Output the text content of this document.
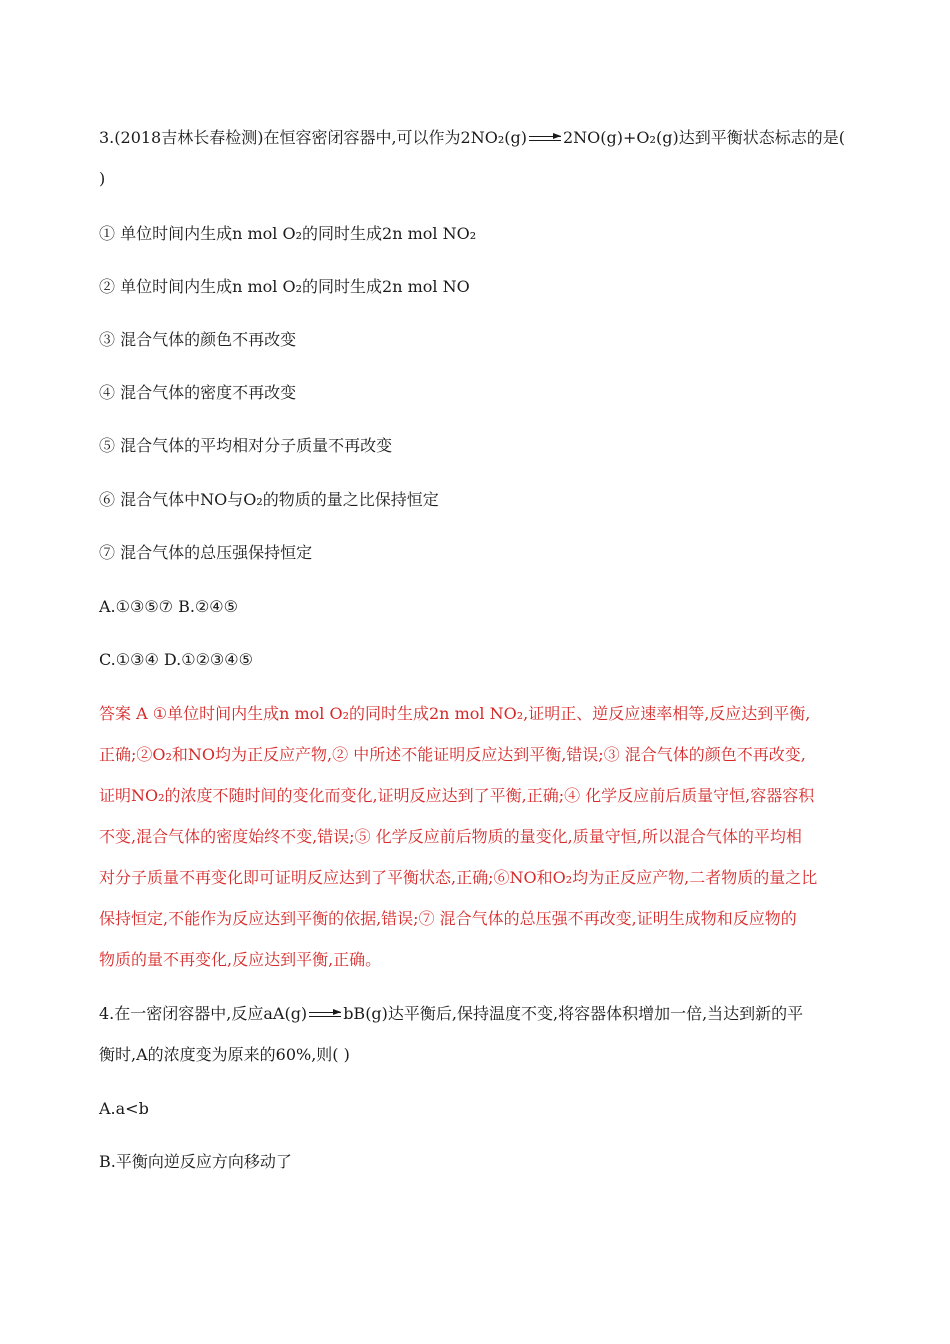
3.(2018吉林长春检测)在恒容密闭容器中,可以作为2NO₂(g) 2NO(g)+O₂(g)达到平衡状态标志的是(
)
① 单位时间内生成n mol O₂的同时生成2n mol NO₂
② 单位时间内生成n mol O₂的同时生成2n mol NO
③ 混合气体的颜色不再改变
④ 混合气体的密度不再改变
⑤ 混合气体的平均相对分子质量不再改变
⑥ 混合气体中NO与O₂的物质的量之比保持恒定
⑦ 混合气体的总压强保持恒定
A.①③⑤⑦ B.②④⑤
C.①③④ D.①②③④⑤
答案 A ①单位时间内生成n mol O₂的同时生成2n mol NO₂,证明正、逆反应速率相等,反应达到平衡,
正确;②O₂和NO均为正反应产物,② 中所述不能证明反应达到平衡,错误;③ 混合气体的颜色不再改变,
证明NO₂的浓度不随时间的变化而变化,证明反应达到了平衡,正确;④ 化学反应前后质量守恒,容器容积
不变,混合气体的密度始终不变,错误;⑤ 化学反应前后物质的量变化,质量守恒,所以混合气体的平均相
对分子质量不再变化即可证明反应达到了平衡状态,正确;⑥NO和O₂均为正反应产物,二者物质的量之比
保持恒定,不能作为反应达到平衡的依据,错误;⑦ 混合气体的总压强不再改变,证明生成物和反应物的
物质的量不再变化,反应达到平衡,正确。
4.在一密闭容器中,反应aA(g) bB(g)达平衡后,保持温度不变,将容器体积增加一倍,当达到新的平
衡时,A的浓度变为原来的60%,则( )
A.a<b
B.平衡向逆反应方向移动了
